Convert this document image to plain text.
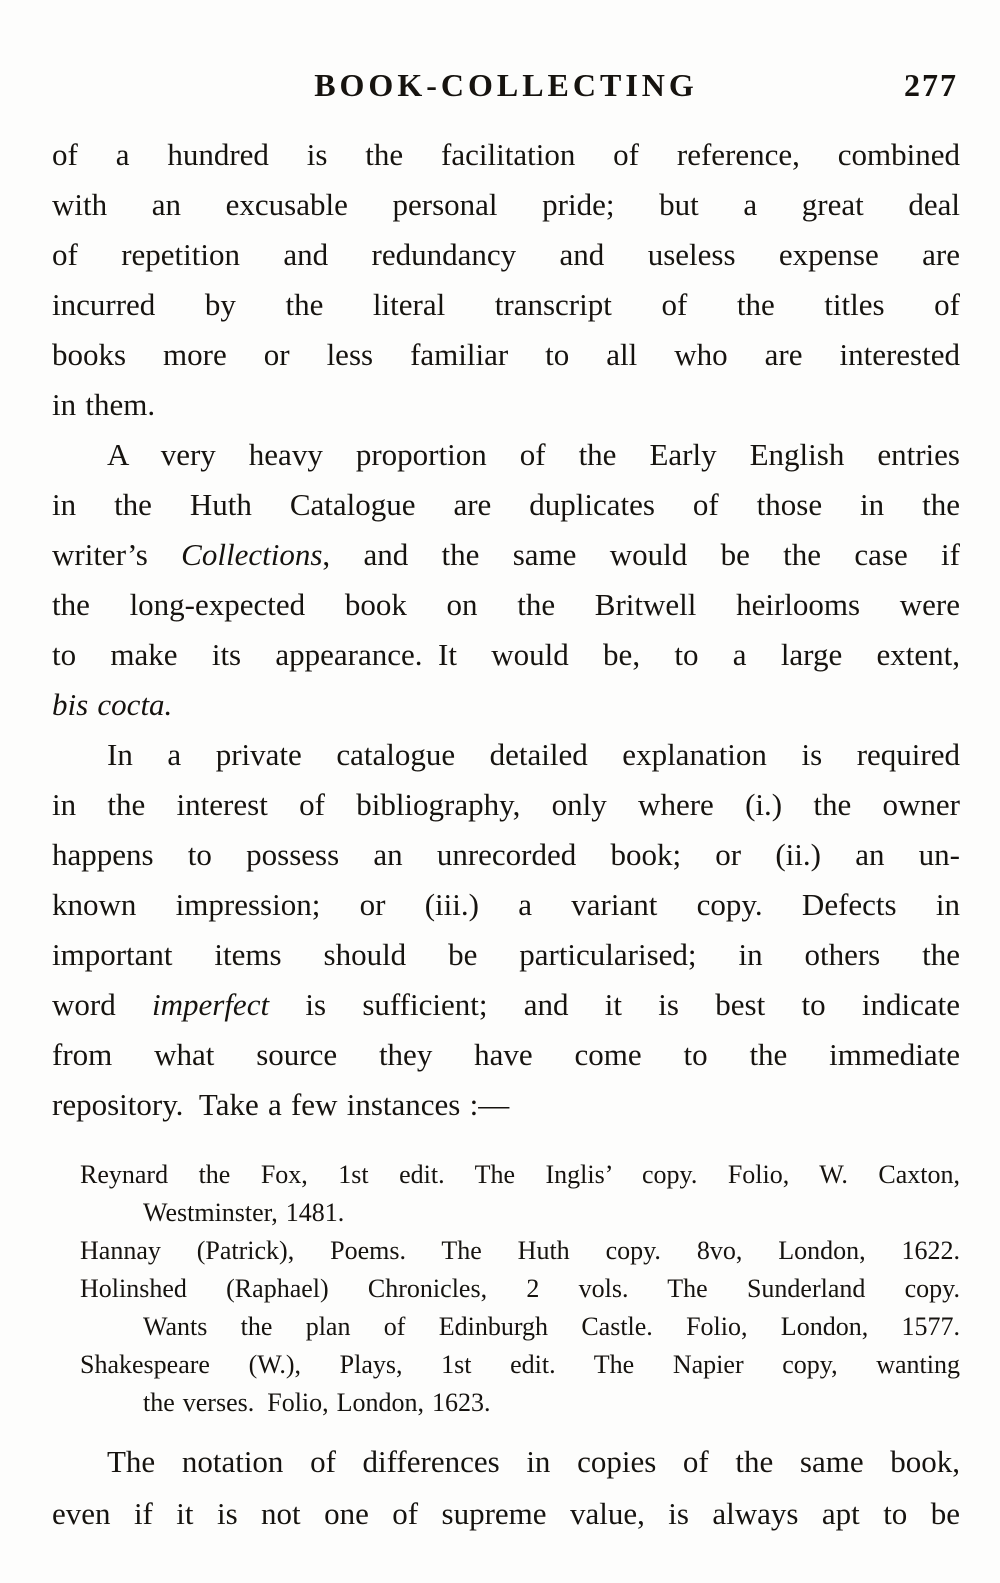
BOOK-COLLECTING	277
of a hundred is the facilitation of reference, combined
with an excusable personal pride; but a great deal
of repetition and redundancy and useless expense are
incurred by the literal transcript of the titles of
books more or less familiar to all who are interested
in them.
A very heavy proportion of the Early English entries
in the Huth Catalogue are duplicates of those in the
writer’s Collections, and the same would be the case if
the long-expected book on the Britwell heirlooms were
to make its appearance. It would be, to a large extent,
bis cocta.
In a private catalogue detailed explanation is required
in the interest of bibliography, only where (i.) the owner
happens to possess an unrecorded book; or (ii.) an un-
known impression; or (iii.) a variant copy. Defects in
important items should be particularised; in others the
word imperfect is sufficient; and it is best to indicate
from what source they have come to the immediate
repository. Take a few instances :—
Reynard the Fox, 1st edit. The Inglis’ copy. Folio, W. Caxton,
Westminster, 1481.
Hannay (Patrick), Poems. The Huth copy. 8vo, London, 1622.
Holinshed (Raphael) Chronicles, 2 vols. The Sunderland copy.
Wants the plan of Edinburgh Castle. Folio, London, 1577.
Shakespeare (W.), Plays, 1st edit. The Napier copy, wanting
the verses. Folio, London, 1623.
The notation of differences in copies of the same book,
even if it is not one of supreme value, is always apt to be
